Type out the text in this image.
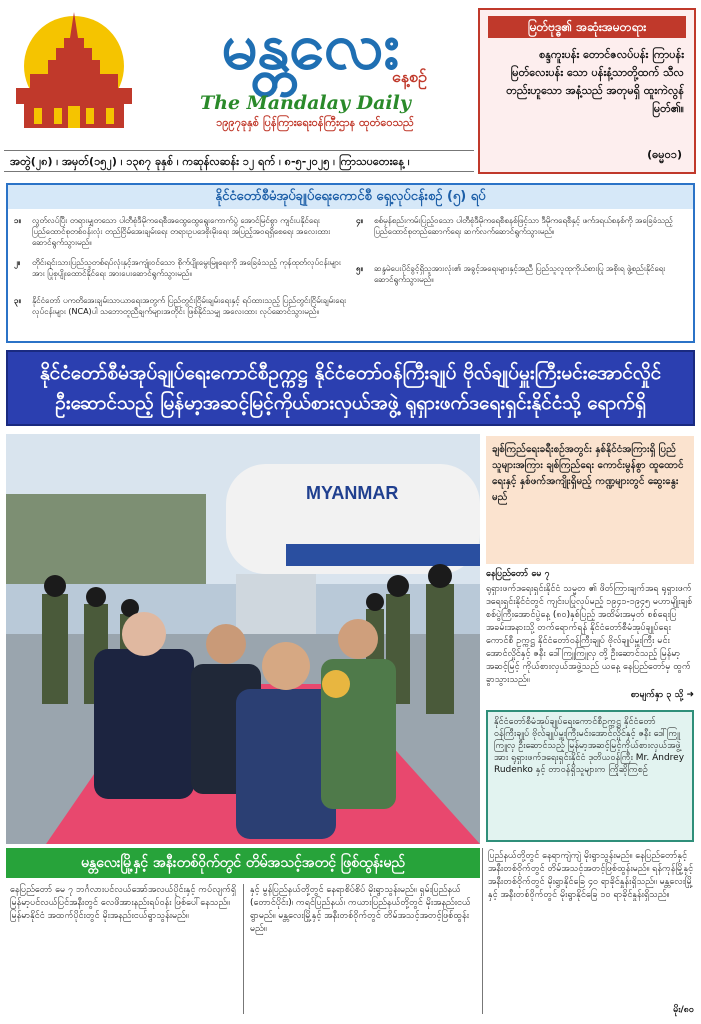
မန္တလေး
နေ့စဉ်
The Mandalay Daily
၁၉၉၇ခုနှစ် ပြန်ကြားရေးဝန်ကြီးဌာန ထုတ်ဝေသည်
အတွဲ(၂၈) ၊ အမှတ်(၁၅၂) ၊ ၁၃၈၇ ခုနှစ် ၊ ကဆုန်လဆန်း ၁၂ ရက် ၊ ၈-၅-၂၀၂၅ ၊ ကြာသပတေးနေ့ ၊
မြတ်ဗုဒ္ဓ၏ အဆုံးအမတရား
စန္ဒကူးပန်း တောင်ဇလပ်ပန်း ကြာပန်း မြတ်လေးပန်း သော ပန်းနံ့သာတို့ထက် သီလတည်းဟူသော အနံ့သည် အတုမရှိ ထူးကဲလွန်မြတ်၏။
(ဓမ္မ၀၁)
နိုင်ငံတော်စီမံအုပ်ချုပ်ရေးကောင်စီ ရှေ့လုပ်ငန်းစဉ် (၅) ရပ်
၁။ လွတ်လပ်ပြီး တရားမျှတသော ပါတီစုံဒီမိုကရေစီအထွေထွေရွေးကောက်ပွဲ အောင်မြင်စွာ ကျင်းပနိုင်ရေး ပြည်ထောင်စုတစ်ဝန်းလုံး တည်ငြိမ်အေးချမ်းရေး တရားဥပဒေစိုးမိုးရေး အပြည့်အဝရရှိစေရေး အလေးထားဆောင်ရွက်သွားမည်။
၂။ တိုင်းရင်းသားပြည်သူတစ်ရပ်လုံးနှင့်အကျုံးဝင်သော စိုက်ပျိုးမွေးမြူရေးကို အခြေခံသည့် ကုန်ထုတ်လုပ်ငန်းများအား ပြုစုပျိုးထောင်နိုင်ရေး အားပေးဆောင်ရွက်သွားမည်။
၃။ နိုင်ငံတော် ပကတိအေးချမ်းသာယာရေးအတွက် ပြည်တွင်းငြိမ်းချမ်းရေးနှင့် ရပ်ထားသည့် ပြည်တွင်းငြိမ်းချမ်းရေးလုပ်ငန်းများ (NCA)ပါ သဘောတူညီချက်များအတိုင်း ဖြစ်နိုင်သမျှ အလေးထား လုပ်ဆောင်သွားမည်။
၄။ စစ်မှန်စည်းကမ်းပြည့်ဝသော ပါတီစုံဒီမိုကရေစီစနစ်ဖြင့်သာ ဒီမိုကရေစီနှင့် ဖက်ဒရယ်စနစ်ကို အခြေခံသည့် ပြည်ထောင်စုတည်ဆောက်ရေး ဆက်လက်ဆောင်ရွက်သွားမည်။
၅။ ဆန္ဒမဲပေးပိုင်ခွင့်ရှိသူအားလုံး၏ အခွင့်အရေးများနှင့်အညီ ပြည်သူလူထုကိုယ်စားပြု အစိုးရ ဖွဲ့စည်းနိုင်ရေး ဆောင်ရွက်သွားမည်။
နိုင်ငံတော်စီမံအုပ်ချုပ်ရေးကောင်စီဥက္ကဋ္ဌ နိုင်ငံတော်ဝန်ကြီးချုပ် ဗိုလ်ချုပ်မှူးကြီးမင်းအောင်လှိုင်
ဦးဆောင်သည့် မြန်မာ့အဆင့်မြင့်ကိုယ်စားလှယ်အဖွဲ့ ရုရှားဖက်ဒရေးရှင်းနိုင်ငံသို့ ရောက်ရှိ
MYANMAR
ချစ်ကြည်ရေးခရီးစဉ်အတွင်း နှစ်နိုင်ငံအကြားရှိ ပြည်သူများအကြား ချစ်ကြည်ရေး ကောင်းမွန်စွာ ထူထောင်ရေးနှင့် နှစ်ဖက်အကျိုးရှိမည့် ကဏ္ဍများတွင် ဆွေးနွေးမည်
နေပြည်တော် မေ ၇
ရုရှားဖက်ဒရေးရှင်းနိုင်ငံ သမ္မတ ၏ ဖိတ်ကြားချက်အရ ရုရှားဖက်ဒရေးရှင်းနိုင်ငံတွင် ကျင်းပပြုလုပ်မည့် ၁၉၄၁-၁၉၄၅ မဟာမျိုးချစ်စစ်ပွဲကြီးအောင်ပွဲနေ့ (၈၀)နှစ်ပြည့် အထိမ်းအမှတ် စစ်ရေးပြအခမ်းအနားသို့ တက်ရောက်ရန် နိုင်ငံတော်စီမံအုပ်ချုပ်ရေးကောင်စီ ဥက္ကဋ္ဌ နိုင်ငံတော်ဝန်ကြီးချုပ် ဗိုလ်ချုပ်မှူးကြီး မင်းအောင်လှိုင်နှင့် ဇနီး ဒေါ်ကြူကြူလှ တို့ ဦးဆောင်သည့် မြန်မာ့အဆင့်မြင့် ကိုယ်စားလှယ်အဖွဲ့သည် ယနေ့ နေပြည်တော်မှ ထွက်ခွာသွားသည်။
စာမျက်နှာ ၃ သို့ ➜
နိုင်ငံတော်စီမံအုပ်ချုပ်ရေးကောင်စီဥက္ကဋ္ဌ နိုင်ငံတော်ဝန်ကြီးချုပ် ဗိုလ်ချုပ်မှူးကြီးမင်းအောင်လှိုင်နှင့် ဇနီး ဒေါ်ကြူကြူလှ ဦးဆောင်သည့် မြန်မာ့အဆင့်မြင့်ကိုယ်စားလှယ်အဖွဲ့အား ရုရှားဖက်ဒရေးရှင်းနိုင်ငံ ဒုတိယဝန်ကြီး Mr. Andrey Rudenko နှင့် တာဝန်ရှိသူများက ကြိုဆိုကြစဉ်
မန္တလေးမြို့နှင့် အနီးတစ်ဝိုက်တွင် တိမ်အသင့်အတင့် ဖြစ်ထွန်းမည်
နေပြည်တော် မေ ၇ ဘင်္ဂလားပင်လယ်အော်အလယ်ပိုင်းနှင့် ကပ်လျက်ရှိ မြန်မာ့ပင်လယ်ပြင်အနီးတွင် လေဖိအားနည်းရပ်ဝန်း ဖြစ်ပေါ်နေသည်။ မြန်မာနိုင်ငံ အထက်ပိုင်းတွင် မိုးအနည်းငယ်ရွာသွန်းမည်။
နှင့် မွန်ပြည်နယ်တို့တွင် နေရာစိပ်စိပ် မိုးရွာသွန်းမည်။ ရှမ်းပြည်နယ် (တောင်ပိုင်း)၊ ကရင်ပြည်နယ်၊ ကယားပြည်နယ်တို့တွင် မိုးအနည်းငယ်ရွာမည်။ မန္တလေးမြို့နှင့် အနီးတစ်ဝိုက်တွင် တိမ်အသင့်အတင့်ဖြစ်ထွန်းမည်။
ပြည်နယ်တို့တွင် နေရာကျဲကျဲ မိုးရွာသွန်းမည်။ နေပြည်တော်နှင့် အနီးတစ်ဝိုက်တွင် တိမ်အသင့်အတင့်ဖြစ်ထွန်းမည်။ ရန်ကုန်မြို့နှင့် အနီးတစ်ဝိုက်တွင် မိုးရွာနိုင်ခြေ ၄၀ ရာခိုင်နှုန်းရှိသည်။ မန္တလေးမြို့နှင့် အနီးတစ်ဝိုက်တွင် မိုးရွာနိုင်ခြေ ၁၀ ရာခိုင်နှုန်းရှိသည်။
မိုး/၈၀
